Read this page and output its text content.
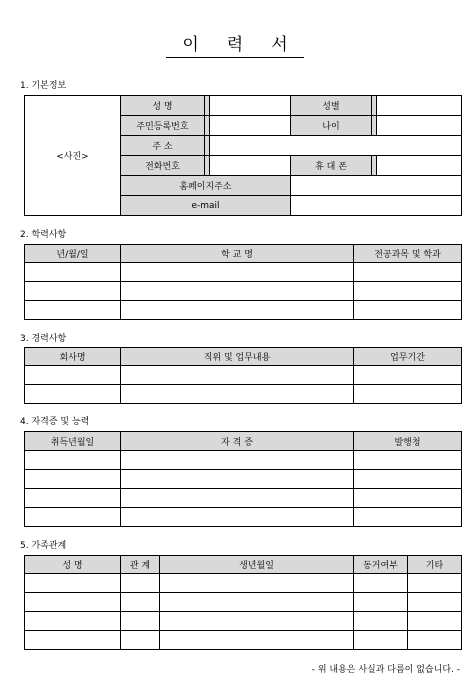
이 력 서
1. 기본정보
<사진>	성 명			성별		
	주민등록번호			나이		
	주 소					
	전화번호			휴 대 폰		
	홈페이지주소					
	e-mail					
2. 학력사항
년/월/일	학 교 명	전공과목 및 학과

3. 경력사항
회사명	직위 및 업무내용	업무기간

4. 자격증 및 능력
취득년월일	자 격 증	발행청

5. 가족관계
성 명	관 계	생년월일	동거여부	기타

- 위 내용은 사실과 다름이 없습니다. -
